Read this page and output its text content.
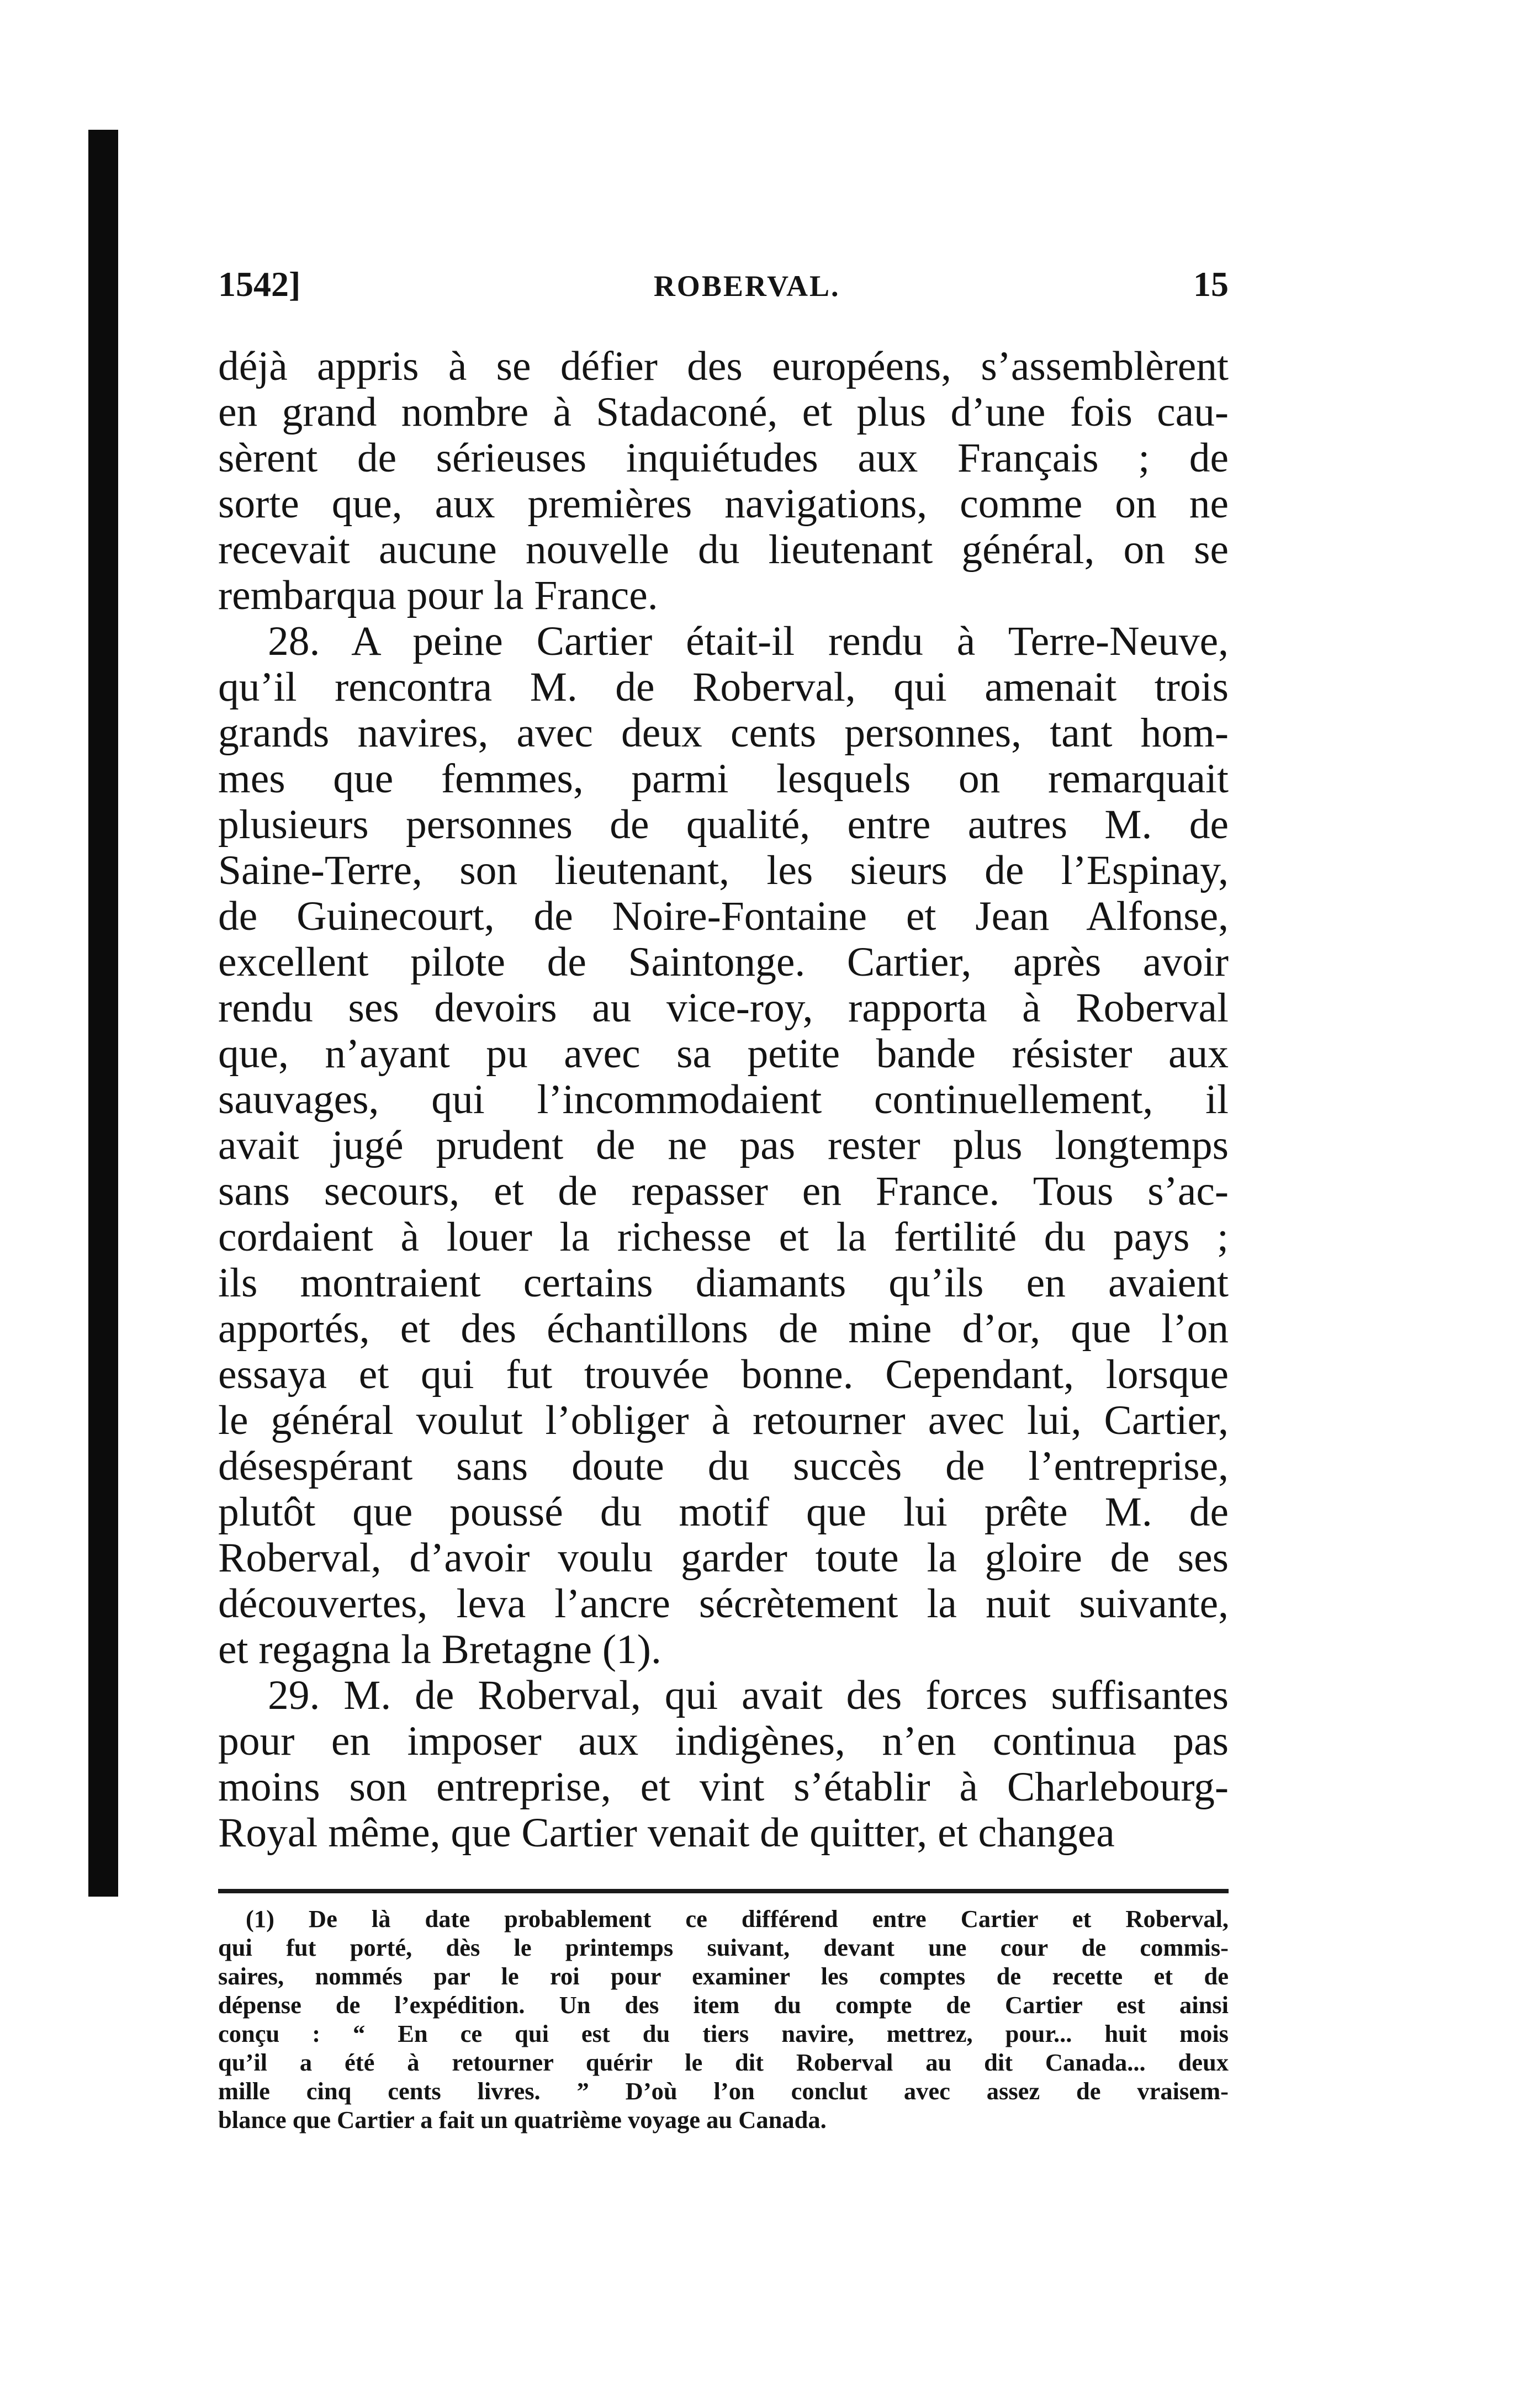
1542]	ROBERVAL.	15
déjà appris à se défier des européens, s’assemblèrent
en grand nombre à Stadaconé, et plus d’une fois cau-
sèrent de sérieuses inquiétudes aux Français ; de
sorte que, aux premières navigations, comme on ne
recevait aucune nouvelle du lieutenant général, on se
rembarqua pour la France.
28. A peine Cartier était-il rendu à Terre-Neuve,
qu’il rencontra M. de Roberval, qui amenait trois
grands navires, avec deux cents personnes, tant hom-
mes que femmes, parmi lesquels on remarquait
plusieurs personnes de qualité, entre autres M. de
Saine-Terre, son lieutenant, les sieurs de l’Espinay,
de Guinecourt, de Noire-Fontaine et Jean Alfonse,
excellent pilote de Saintonge. Cartier, après avoir
rendu ses devoirs au vice-roy, rapporta à Roberval
que, n’ayant pu avec sa petite bande résister aux
sauvages, qui l’incommodaient continuellement, il
avait jugé prudent de ne pas rester plus longtemps
sans secours, et de repasser en France. Tous s’ac-
cordaient à louer la richesse et la fertilité du pays ;
ils montraient certains diamants qu’ils en avaient
apportés, et des échantillons de mine d’or, que l’on
essaya et qui fut trouvée bonne. Cependant, lorsque
le général voulut l’obliger à retourner avec lui, Cartier,
désespérant sans doute du succès de l’entreprise,
plutôt que poussé du motif que lui prête M. de
Roberval, d’avoir voulu garder toute la gloire de ses
découvertes, leva l’ancre sécrètement la nuit suivante,
et regagna la Bretagne (1).
29. M. de Roberval, qui avait des forces suffisantes
pour en imposer aux indigènes, n’en continua pas
moins son entreprise, et vint s’établir à Charlebourg-
Royal même, que Cartier venait de quitter, et changea
(1) De là date probablement ce différend entre Cartier et Roberval,
qui fut porté, dès le printemps suivant, devant une cour de commis-
saires, nommés par le roi pour examiner les comptes de recette et de
dépense de l’expédition. Un des item du compte de Cartier est ainsi
conçu : “ En ce qui est du tiers navire, mettrez, pour... huit mois
qu’il a été à retourner quérir le dit Roberval au dit Canada... deux
mille cinq cents livres. ” D’où l’on conclut avec assez de vraisem-
blance que Cartier a fait un quatrième voyage au Canada.
